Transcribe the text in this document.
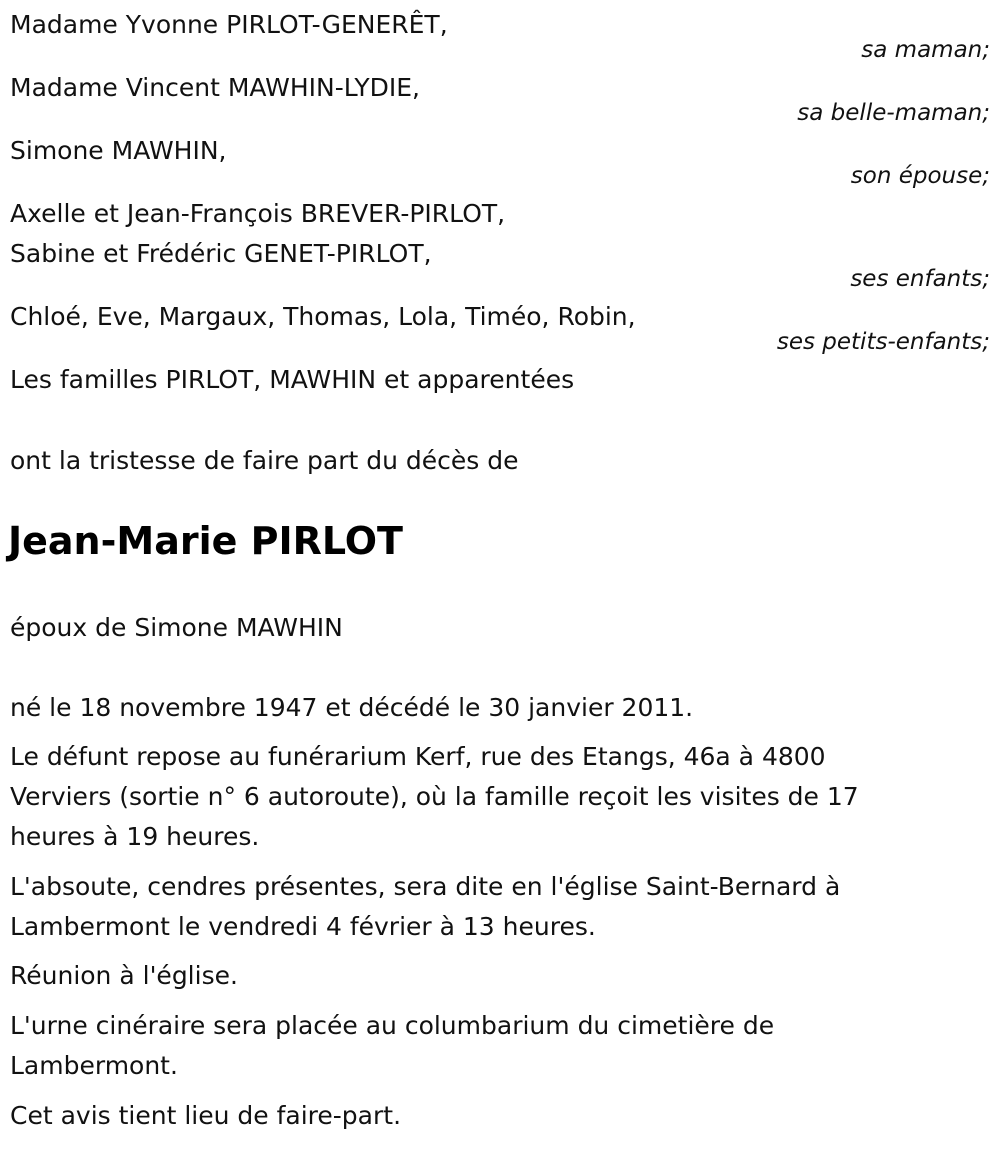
Madame Yvonne PIRLOT-GENERÊT,
sa maman;
Madame Vincent MAWHIN-LYDIE,
sa belle-maman;
Simone MAWHIN,
son épouse;
Axelle et Jean-François BREVER-PIRLOT,
Sabine et Frédéric GENET-PIRLOT,
ses enfants;
Chloé, Eve, Margaux, Thomas, Lola, Timéo, Robin,
ses petits-enfants;
Les familles PIRLOT, MAWHIN et apparentées
ont la tristesse de faire part du décès de
Jean-Marie PIRLOT
époux de Simone MAWHIN
né le 18 novembre 1947 et décédé le 30 janvier 2011.
Le défunt repose au funérarium Kerf, rue des Etangs, 46a à 4800
Verviers (sortie n° 6 autoroute), où la famille reçoit les visites de 17
heures à 19 heures.
L'absoute, cendres présentes, sera dite en l'église Saint-Bernard à
Lambermont le vendredi 4 février à 13 heures.
Réunion à l'église.
L'urne cinéraire sera placée au columbarium du cimetière de
Lambermont.
Cet avis tient lieu de faire-part.
